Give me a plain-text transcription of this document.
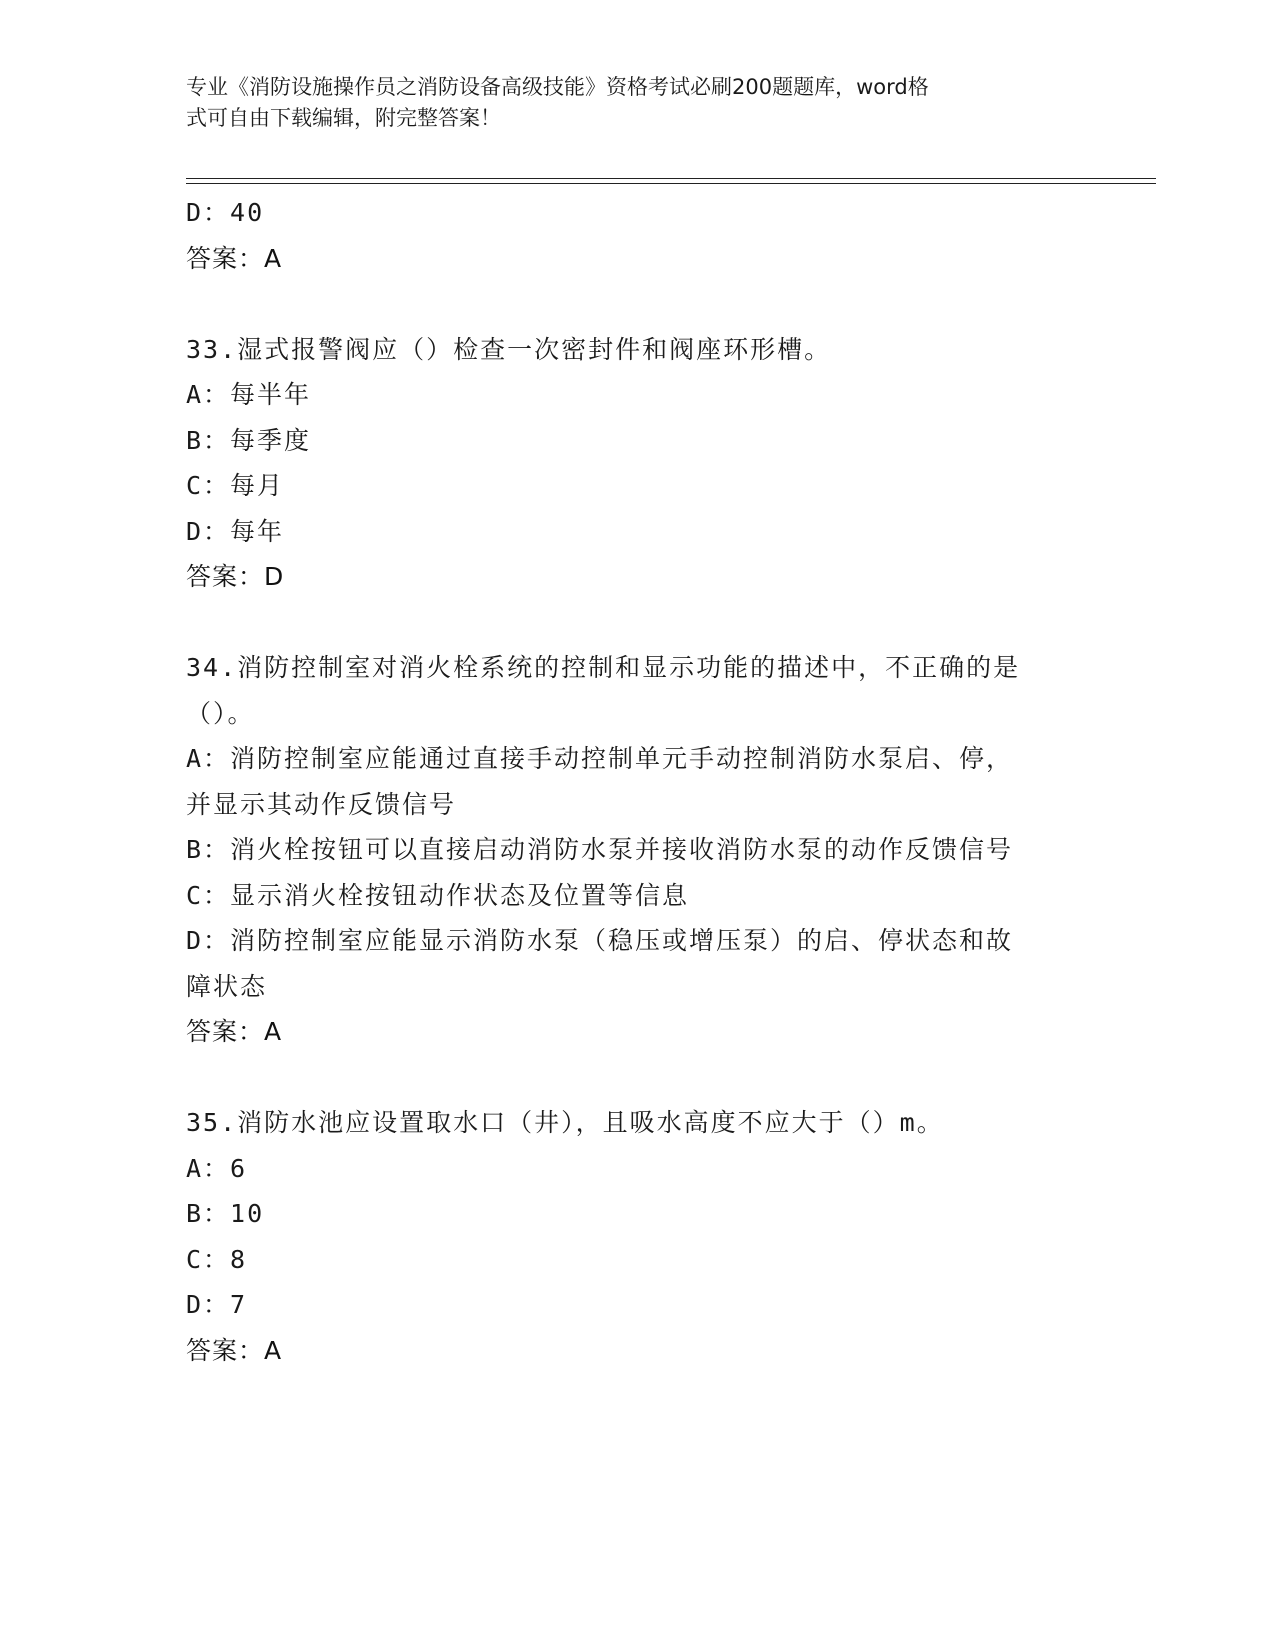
专业《消防设施操作员之消防设备高级技能》资格考试必刷200题题库，word格
式可自由下载编辑，附完整答案！
D：40
答案：A
33.湿式报警阀应（）检查一次密封件和阀座环形槽。
A：每半年
B：每季度
C：每月
D：每年
答案：D
34.消防控制室对消火栓系统的控制和显示功能的描述中，不正确的是
（）。
A：消防控制室应能通过直接手动控制单元手动控制消防水泵启、停，
并显示其动作反馈信号
B：消火栓按钮可以直接启动消防水泵并接收消防水泵的动作反馈信号
C：显示消火栓按钮动作状态及位置等信息
D：消防控制室应能显示消防水泵（稳压或增压泵）的启、停状态和故
障状态
答案：A
35.消防水池应设置取水口（井），且吸水高度不应大于（）m。
A：6
B：10
C：8
D：7
答案：A
